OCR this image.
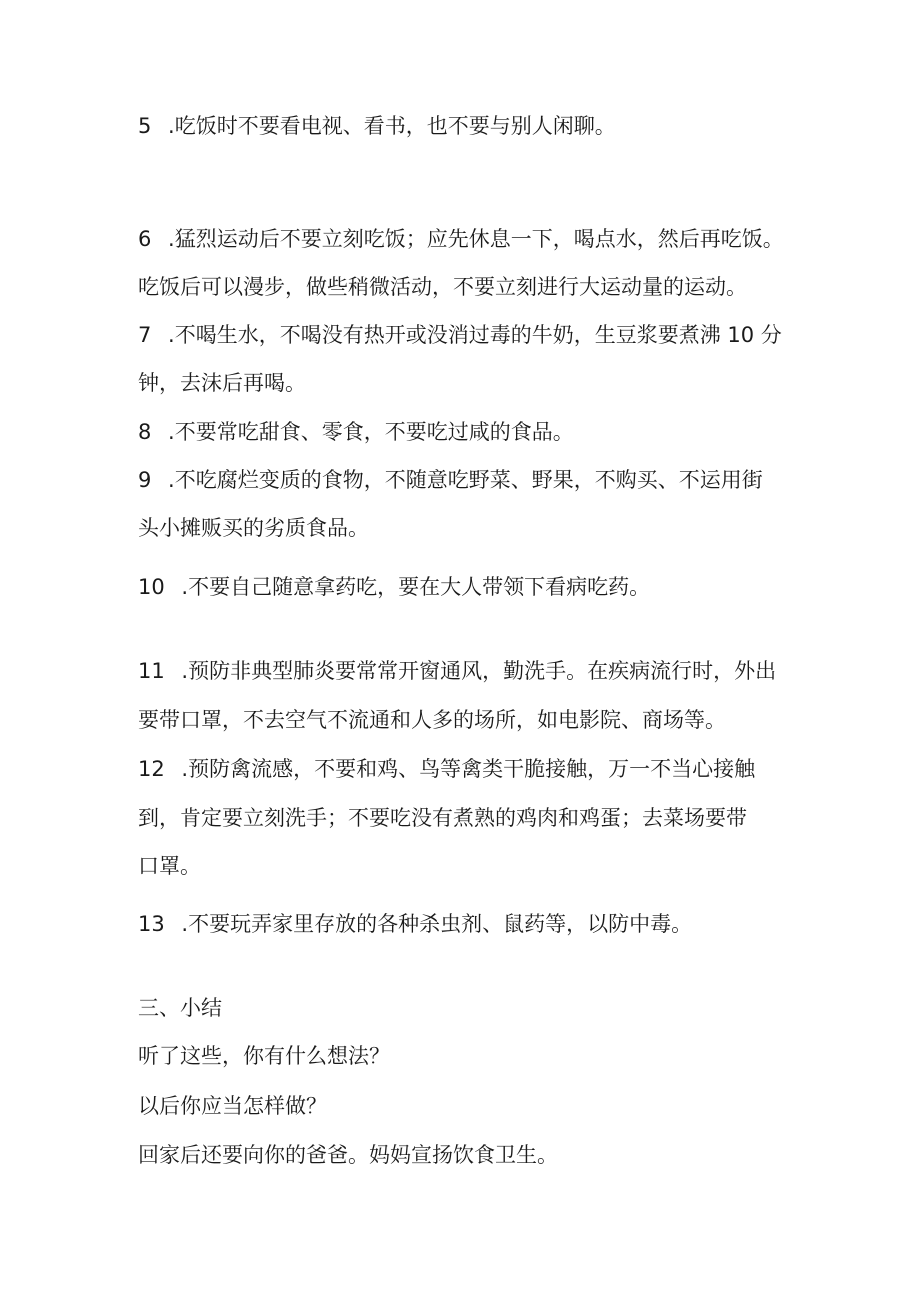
5 .吃饭时不要看电视、看书，也不要与别人闲聊。
6 .猛烈运动后不要立刻吃饭；应先休息一下，喝点水，然后再吃饭。
吃饭后可以漫步，做些稍微活动，不要立刻进行大运动量的运动。
7 .不喝生水，不喝没有热开或没消过毒的牛奶，生豆浆要煮沸 10 分
钟，去沫后再喝。
8 .不要常吃甜食、零食，不要吃过咸的食品。
9 .不吃腐烂变质的食物，不随意吃野菜、野果，不购买、不运用街
头小摊贩买的劣质食品。
10 .不要自己随意拿药吃，要在大人带领下看病吃药。
11 .预防非典型肺炎要常常开窗通风，勤洗手。在疾病流行时，外出
要带口罩，不去空气不流通和人多的场所，如电影院、商场等。
12 .预防禽流感，不要和鸡、鸟等禽类干脆接触，万一不当心接触
到，肯定要立刻洗手；不要吃没有煮熟的鸡肉和鸡蛋；去菜场要带
口罩。
13 .不要玩弄家里存放的各种杀虫剂、鼠药等，以防中毒。
三、小结
听了这些，你有什么想法？
以后你应当怎样做？
回家后还要向你的爸爸。妈妈宣扬饮食卫生。
